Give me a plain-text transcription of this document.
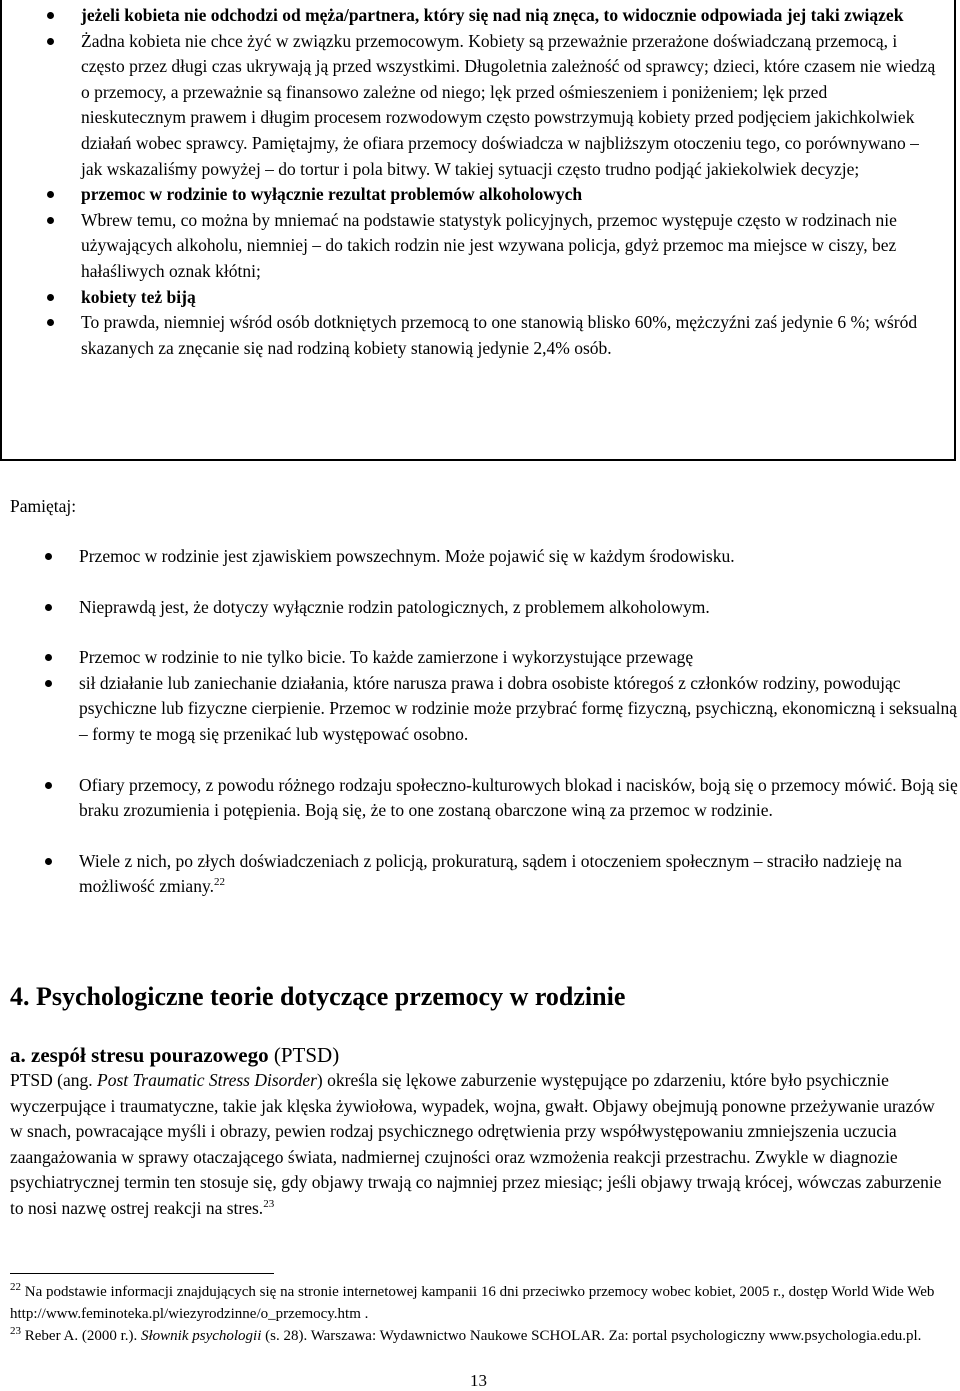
jeżeli kobieta nie odchodzi od męża/partnera, który się nad nią znęca, to widocznie odpowiada jej taki związek
Żadna kobieta nie chce żyć w związku przemocowym. Kobiety są przeważnie przerażone doświadczaną przemocą, i często przez długi czas ukrywają ją przed wszystkimi. Długoletnia zależność od sprawcy; dzieci, które czasem nie wiedzą o przemocy, a przeważnie są finansowo zależne od niego; lęk przed ośmieszeniem i poniżeniem; lęk przed nieskutecznym prawem i długim procesem rozwodowym często powstrzymują kobiety przed podjęciem jakichkolwiek działań wobec sprawcy. Pamiętajmy, że ofiara przemocy doświadcza w najbliższym otoczeniu tego, co porównywano – jak wskazaliśmy powyżej – do tortur i pola bitwy. W takiej sytuacji często trudno podjąć jakiekolwiek decyzje;
przemoc w rodzinie to wyłącznie rezultat problemów alkoholowych
Wbrew temu, co można by mniemać na podstawie statystyk policyjnych, przemoc występuje często w rodzinach nie używających alkoholu, niemniej – do takich rodzin nie jest wzywana policja, gdyż przemoc ma miejsce w ciszy, bez hałaśliwych oznak kłótni;
kobiety też biją
To prawda, niemniej wśród osób dotkniętych przemocą to one stanowią blisko 60%, mężczyźni zaś jedynie 6 %; wśród skazanych za znęcanie się nad rodziną kobiety stanowią jedynie 2,4% osób.
Pamiętaj:
Przemoc w rodzinie jest zjawiskiem powszechnym. Może pojawić się w każdym środowisku.
Nieprawdą jest, że dotyczy wyłącznie rodzin patologicznych, z problemem alkoholowym.
Przemoc w rodzinie to nie tylko bicie. To każde zamierzone i wykorzystujące przewagę
sił działanie lub zaniechanie działania, które narusza prawa i dobra osobiste któregoś z członków rodziny, powodując psychiczne lub fizyczne cierpienie. Przemoc w rodzinie może przybrać formę fizyczną, psychiczną, ekonomiczną i seksualną – formy te mogą się przenikać lub występować osobno.
Ofiary przemocy, z powodu różnego rodzaju społeczno-kulturowych blokad i nacisków, boją się o przemocy mówić. Boją się braku zrozumienia i potępienia. Boją się, że to one zostaną obarczone winą za przemoc w rodzinie.
Wiele z nich, po złych doświadczeniach z policją, prokuraturą, sądem i otoczeniem społecznym – straciło nadzieję na możliwość zmiany.$^{22}$
4. Psychologiczne teorie dotyczące przemocy w rodzinie
a. zespół stresu pourazowego (PTSD)

PTSD (ang. Post Traumatic Stress Disorder) określa się lękowe zaburzenie występujące po zdarzeniu, które było psychicznie wyczerpujące i traumatyczne, takie jak klęska żywiołowa, wypadek, wojna, gwałt. Objawy obejmują ponowne przeżywanie urazów w snach, powracające myśli i obrazy, pewien rodzaj psychicznego odrętwienia przy współwystępowaniu zmniejszenia uczucia zaangażowania w sprawy otaczającego świata, nadmiernej czujności oraz wzmożenia reakcji przestrachu. Zwykle w diagnozie psychiatrycznej termin ten stosuje się, gdy objawy trwają co najmniej przez miesiąc; jeśli objawy trwają krócej, wówczas zaburzenie to nosi nazwę ostrej reakcji na stres.$^{23}$

$^{22}$ Na podstawie informacji znajdujących się na stronie internetowej kampanii 16 dni przeciwko przemocy wobec kobiet, 2005 r., dostęp World Wide Web http://www.feminoteka.pl/wiezyrodzinne/o_przemocy.htm .

$^{23}$ Reber A. (2000 r.). Słownik psychologii (s. 28). Warszawa: Wydawnictwo Naukowe SCHOLAR. Za: portal psychologiczny www.psychologia.edu.pl.

13
